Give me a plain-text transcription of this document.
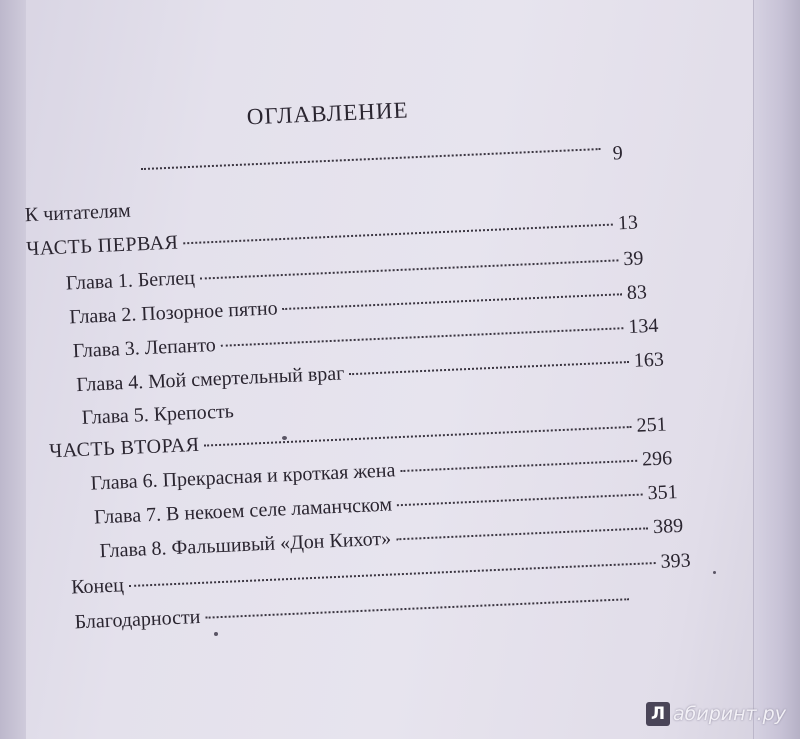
​
ОГЛАВЛЕНИЕ
К читателям
9
ЧАСТЬ ПЕРВАЯ
13
Глава 1. Беглец
39
Глава 2. Позорное пятно
83
Глава 3. Лепанто
134
Глава 4. Мой смертельный враг
163
Глава 5. Крепость
ЧАСТЬ ВТОРАЯ
251
Глава 6. Прекрасная и кроткая жена
296
Глава 7. В некоем селе ламанчском
351
Глава 8. Фальшивый «Дон Кихот»
389
Конец
393
Благодарности
Л абиринт.ру
